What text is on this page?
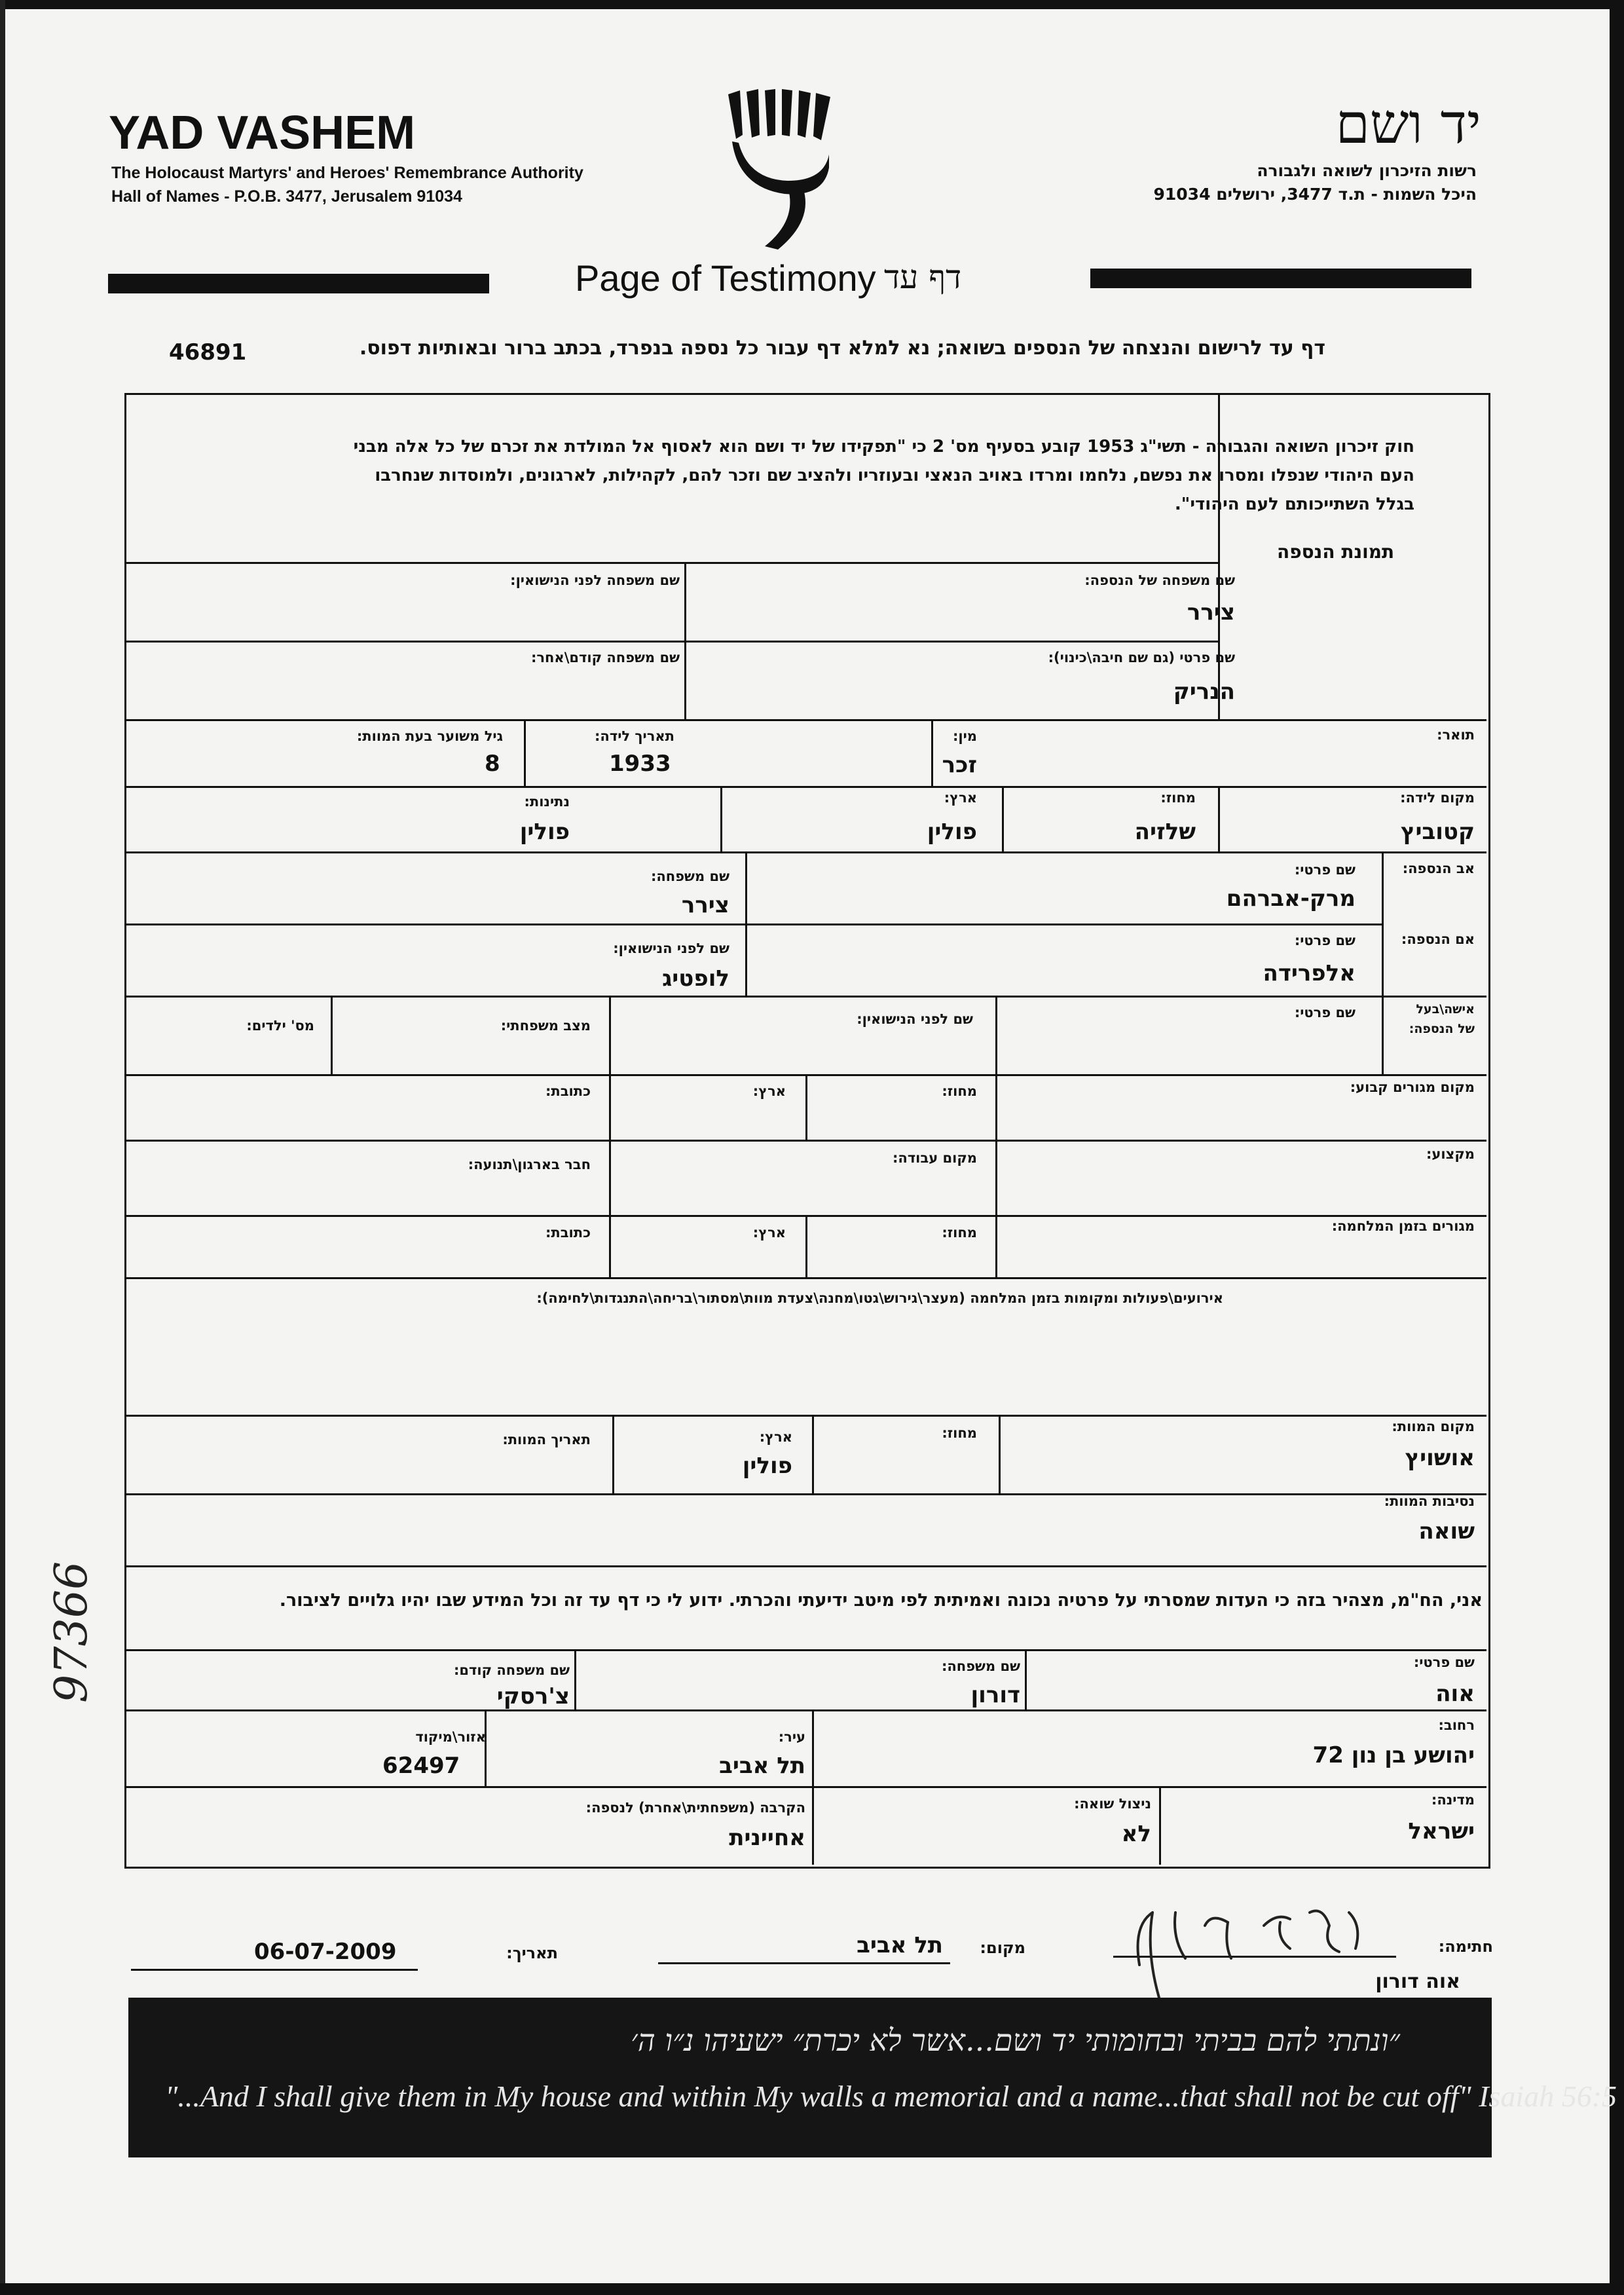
YAD VASHEM
The Holocaust Martyrs' and Heroes' Remembrance Authority
Hall of Names - P.O.B. 3477, Jerusalem 91034
יד ושם
רשות הזיכרון לשואה ולגבורה
היכל השמות - ת.ד 3477, ירושלים 91034
Page of Testimony דף עד
דף עד לרישום והנצחה של הנספים בשואה; נא למלא דף עבור כל נספה בנפרד, בכתב ברור ובאותיות דפוס.
46891
חוק זיכרון השואה והגבורה - תשי"ג 1953 קובע בסעיף מס' 2 כי "תפקידו של יד ושם הוא לאסוף אל המולדת את זכרם של כל אלה מבני העם היהודי שנפלו ומסרו את נפשם, נלחמו ומרדו באויב הנאצי ובעוזריו ולהציב שם וזכר להם, לקהילות, לארגונים, ולמוסדות שנחרבו בגלל השתייכותם לעם היהודי".
תמונת הנספה
שם משפחה של הנספה:
צירר
שם משפחה לפני הנישואין:
שם פרטי (גם שם חיבה\כינוי):
הנריק
שם משפחה קודם\אחר:
תואר:
מין:
זכר
תאריך לידה:
1933
גיל משוער בעת המוות:
8
מקום לידה:
קטוביץ
מחוז:
שלזיה
ארץ:
פולין
נתינות:
פולין
אב הנספה:
שם פרטי:
מרק-אברהם
שם משפחה:
צירר
אם הנספה:
שם פרטי:
אלפרידה
שם לפני הנישואין:
לופטיג
אישה\בעל
של הנספה:
שם פרטי:
שם לפני הנישואין:
מצב משפחתי:
מס' ילדים:
מקום מגורים קבוע:
מחוז:
ארץ:
כתובת:
מקצוע:
מקום עבודה:
חבר בארגון\תנועה:
מגורים בזמן המלחמה:
מחוז:
ארץ:
כתובת:
אירועים\פעולות ומקומות בזמן המלחמה (מעצר\גירוש\גטו\מחנה\צעדת מוות\מסתור\בריחה\התנגדות\לחימה):
מקום המוות:
אושויץ
מחוז:
ארץ:
פולין
תאריך המוות:
נסיבות המוות:
שואה
אני, הח"מ, מצהיר בזה כי העדות שמסרתי על פרטיה נכונה ואמיתית לפי מיטב ידיעתי והכרתי. ידוע לי כי דף עד זה וכל המידע שבו יהיו גלויים לציבור.
שם פרטי:
אוה
שם משפחה:
דורון
שם משפחה קודם:
צ'רסקי
רחוב:
יהושע בן נון 72
עיר:
תל אביב
אזור\מיקוד
62497
מדינה:
ישראל
ניצול שואה:
לא
הקרבה (משפחתית\אחרת) לנספה:
אחיינית
חתימה:
אוה דורון
מקום:
תל אביב
תאריך:
06-07-2009
״ונתתי להם בביתי ובחומותי יד ושם...אשר לא יכרת״ ישעיהו נ״ו ה׳
"...And I shall give them in My house and within My walls a memorial and a name...that shall not be cut off" Isaiah 56:5
97366
